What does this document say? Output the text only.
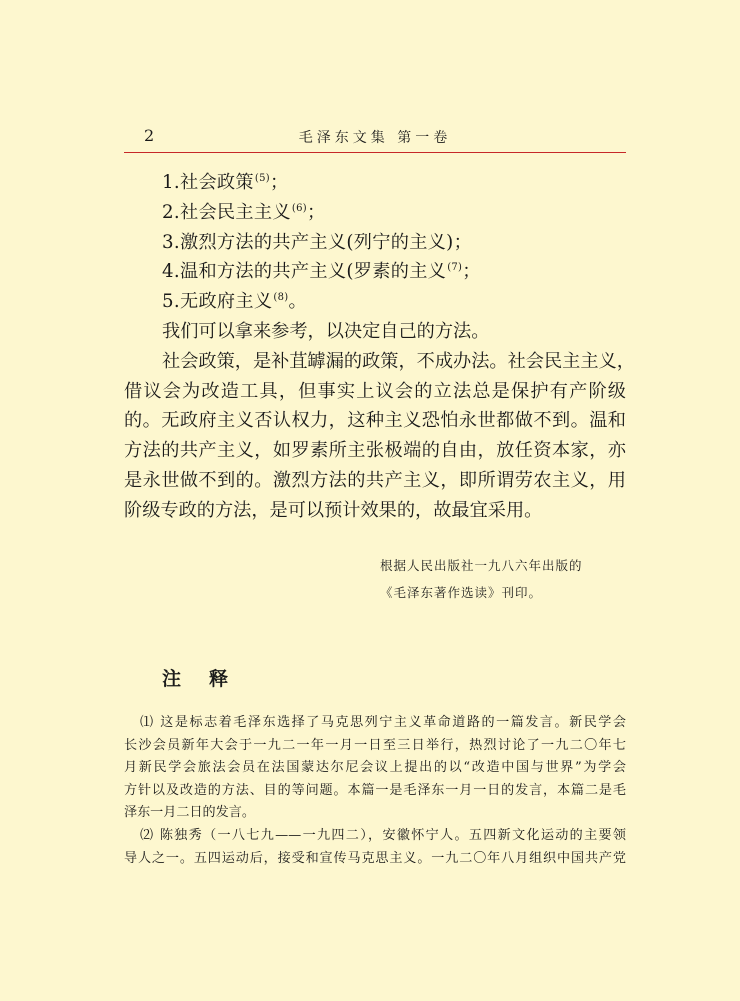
2	毛泽东文集 第一卷
1.社会政策$^{(5)}$；
2.社会民主主义$^{(6)}$；
3.激烈方法的共产主义(列宁的主义)；
4.温和方法的共产主义(罗素的主义$^{(7)}$；
5.无政府主义$^{(8)}$。
我们可以拿来参考，以决定自己的方法。
社会政策，是补苴罅漏的政策，不成办法。社会民主主义，
借议会为改造工具，但事实上议会的立法总是保护有产阶级
的。无政府主义否认权力，这种主义恐怕永世都做不到。温和
方法的共产主义，如罗素所主张极端的自由，放任资本家，亦
是永世做不到的。激烈方法的共产主义，即所谓劳农主义，用
阶级专政的方法，是可以预计效果的，故最宜采用。
根据人民出版社一九八六年出版的
《毛泽东著作选读》刊印。
注释
⑴ 这是标志着毛泽东选择了马克思列宁主义革命道路的一篇发言。新民学会
长沙会员新年大会于一九二一年一月一日至三日举行，热烈讨论了一九二〇年七
月新民学会旅法会员在法国蒙达尔尼会议上提出的以“改造中国与世界”为学会
方针以及改造的方法、目的等问题。本篇一是毛泽东一月一日的发言，本篇二是毛
泽东一月二日的发言。
⑵ 陈独秀（一八七九——一九四二），安徽怀宁人。五四新文化运动的主要领
导人之一。五四运动后，接受和宣传马克思主义。一九二〇年八月组织中国共产党
